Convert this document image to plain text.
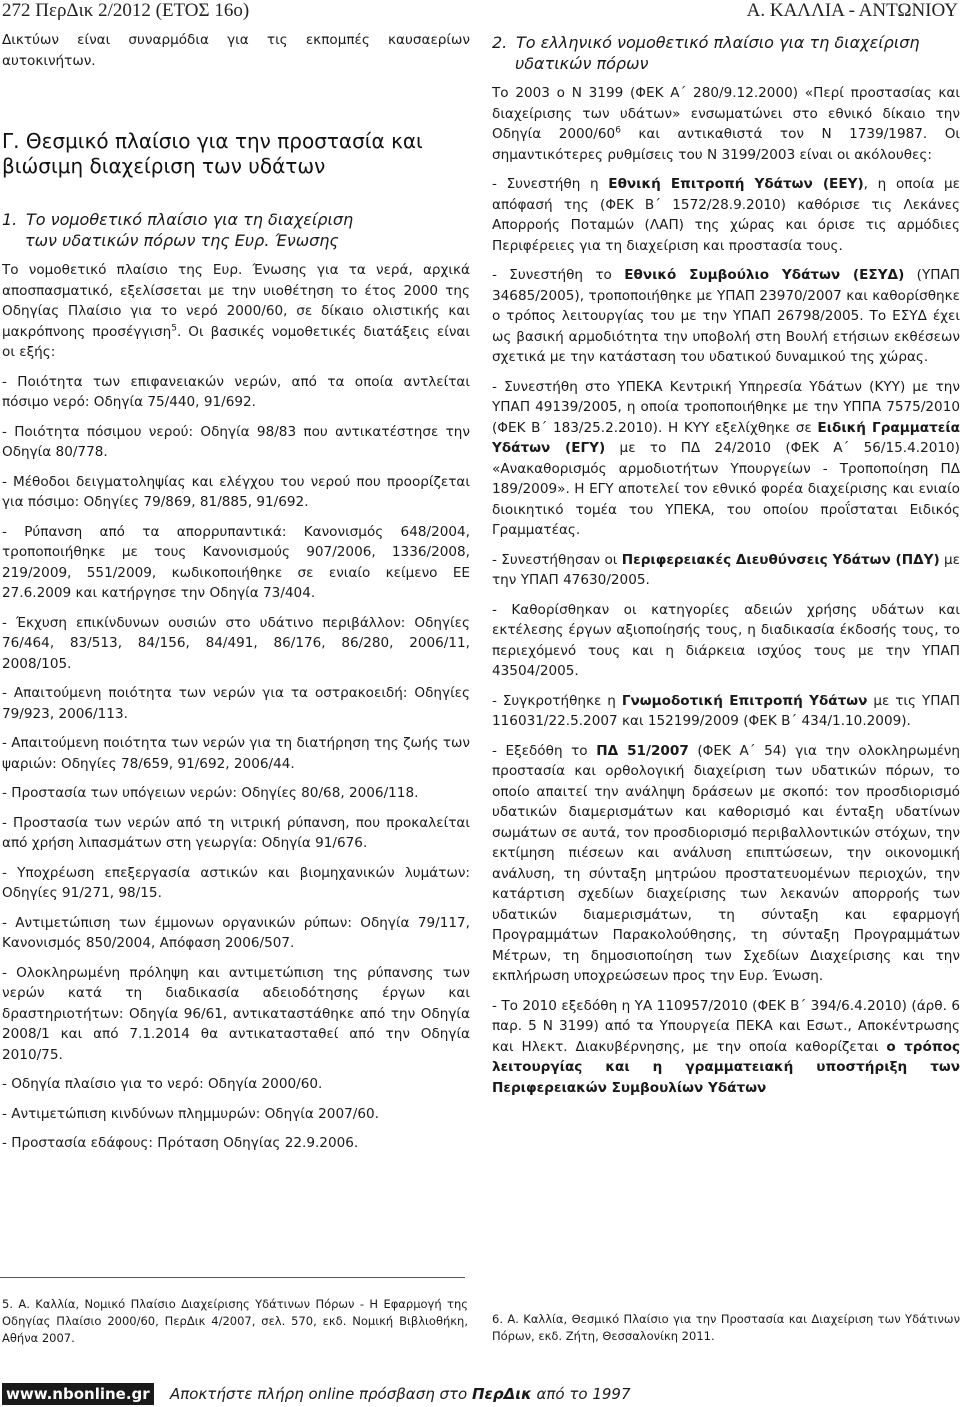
272 ΠερΔικ 2/2012 (ΕΤΟΣ 16ο)	Α. ΚΑΛΛΙΑ - ΑΝΤΩΝΙΟΥ

Δικτύων είναι συναρμόδια για τις εκπομπές καυσαερίων αυτοκινήτων.

Γ. Θεσμικό πλαίσιο για την προστασία και βιώσιμη διαχείριση των υδάτων
1. Το νομοθετικό πλαίσιο για τη διαχείριση
των υδατικών πόρων της Ευρ. Ένωσης

Το νομοθετικό πλαίσιο της Ευρ. Ένωσης για τα νερά, αρχικά αποσπασματικό, εξελίσσεται με την υιοθέτηση το έτος 2000 της Οδηγίας Πλαίσιο για το νερό 2000/60, σε δίκαιο ολιστικής και μακρόπνοης προσέγγιση$^5$. Οι βασικές νομοθετικές διατάξεις είναι οι εξής:

- Ποιότητα των επιφανειακών νερών, από τα οποία αντλείται πόσιμο νερό: Οδηγία 75/440, 91/692.

- Ποιότητα πόσιμου νερού: Οδηγία 98/83 που αντικατέστησε την Οδηγία 80/778.

- Μέθοδοι δειγματοληψίας και ελέγχου του νερού που προορίζεται για πόσιμο: Οδηγίες 79/869, 81/885, 91/692.

- Ρύπανση από τα απορρυπαντικά: Κανονισμός 648/2004, τροποποιήθηκε με τους Κανονισμούς 907/2006, 1336/2008, 219/2009, 551/2009, κωδικοποιήθηκε σε ενιαίο κείμενο ΕΕ 27.6.2009 και κατήργησε την Οδηγία 73/404.

- Έκχυση επικίνδυνων ουσιών στο υδάτινο περιβάλλον: Οδηγίες 76/464, 83/513, 84/156, 84/491, 86/176, 86/280, 2006/11, 2008/105.

- Απαιτούμενη ποιότητα των νερών για τα οστρακοειδή: Οδηγίες 79/923, 2006/113.

- Απαιτούμενη ποιότητα των νερών για τη διατήρηση της ζωής των ψαριών: Οδηγίες 78/659, 91/692, 2006/44.

- Προστασία των υπόγειων νερών: Οδηγίες 80/68, 2006/118.

- Προστασία των νερών από τη νιτρική ρύπανση, που προκαλείται από χρήση λιπασμάτων στη γεωργία: Οδηγία 91/676.

- Υποχρέωση επεξεργασία αστικών και βιομηχανικών λυμάτων: Οδηγίες 91/271, 98/15.

- Αντιμετώπιση των έμμονων οργανικών ρύπων: Οδηγία 79/117, Κανονισμός 850/2004, Απόφαση 2006/507.

- Ολοκληρωμένη πρόληψη και αντιμετώπιση της ρύπανσης των νερών κατά τη διαδικασία αδειοδότησης έργων και δραστηριοτήτων: Οδηγία 96/61, αντικαταστάθηκε από την Οδηγία 2008/1 και από 7.1.2014 θα αντικατασταθεί από την Οδηγία 2010/75.

- Οδηγία πλαίσιο για το νερό: Οδηγία 2000/60.

- Αντιμετώπιση κινδύνων πλημμυρών: Οδηγία 2007/60.

- Προστασία εδάφους: Πρόταση Οδηγίας 22.9.2006.

2. Το ελληνικό νομοθετικό πλαίσιο για τη διαχείριση
υδατικών πόρων

Το 2003 ο Ν 3199 (ΦΕΚ Α΄ 280/9.12.2000) «Περί προστασίας και διαχείρισης των υδάτων» ενσωματώνει στο εθνικό δίκαιο την Οδηγία $2000/60^6$ και αντικαθιστά τον Ν 1739/1987. Οι σημαντικότερες ρυθμίσεις του Ν 3199/2003 είναι οι ακόλουθες:

- Συνεστήθη η Εθνική Επιτροπή Υδάτων (ΕΕΥ), η οποία με απόφασή της (ΦΕΚ Β΄ 1572/28.9.2010) καθόρισε τις Λεκάνες Απορροής Ποταμών (ΛΑΠ) της χώρας και όρισε τις αρμόδιες Περιφέρειες για τη διαχείριση και προστασία τους.

- Συνεστήθη το Εθνικό Συμβούλιο Υδάτων (ΕΣΥΔ) (ΥΠΑΠ 34685/2005), τροποποιήθηκε με ΥΠΑΠ 23970/2007 και καθορίσθηκε ο τρόπος λειτουργίας του με την ΥΠΑΠ 26798/2005. Το ΕΣΥΔ έχει ως βασική αρμοδιότητα την υποβολή στη Βουλή ετήσιων εκθέσεων σχετικά με την κατάσταση του υδατικού δυναμικού της χώρας.

- Συνεστήθη στο ΥΠΕΚΑ Κεντρική Υπηρεσία Υδάτων (ΚΥΥ) με την ΥΠΑΠ 49139/2005, η οποία τροποποιήθηκε με την ΥΠΠΑ 7575/2010 (ΦΕΚ Β΄ 183/25.2.2010). Η ΚΥΥ εξελίχθηκε σε Ειδική Γραμματεία Υδάτων (ΕΓΥ) με το ΠΔ 24/2010 (ΦΕΚ Α΄ 56/15.4.2010) «Ανακαθορισμός αρμοδιοτήτων Υπουργείων - Τροποποίηση ΠΔ 189/2009». Η ΕΓΥ αποτελεί τον εθνικό φορέα διαχείρισης και ενιαίο διοικητικό τομέα του ΥΠΕΚΑ, του οποίου προΐσταται Ειδικός Γραμματέας.

- Συνεστήθησαν οι Περιφερειακές Διευθύνσεις Υδάτων (ΠΔΥ) με την ΥΠΑΠ 47630/2005.

- Καθορίσθηκαν οι κατηγορίες αδειών χρήσης υδάτων και εκτέλεσης έργων αξιοποίησής τους, η διαδικασία έκδοσής τους, το περιεχόμενό τους και η διάρκεια ισχύος τους με την ΥΠΑΠ 43504/2005.

- Συγκροτήθηκε η Γνωμοδοτική Επιτροπή Υδάτων με τις ΥΠΑΠ 116031/22.5.2007 και 152199/2009 (ΦΕΚ Β΄ 434/1.10.2009).

- Εξεδόθη το ΠΔ 51/2007 (ΦΕΚ Α΄ 54) για την ολοκληρωμένη προστασία και ορθολογική διαχείριση των υδατικών πόρων, το οποίο απαιτεί την ανάληψη δράσεων με σκοπό: τον προσδιορισμό υδατικών διαμερισμάτων και καθορισμό και ένταξη υδατίνων σωμάτων σε αυτά, τον προσδιορισμό περιβαλλοντικών στόχων, την εκτίμηση πιέσεων και ανάλυση επιπτώσεων, την οικονομική ανάλυση, τη σύνταξη μητρώου προστατευομένων περιοχών, την κατάρτιση σχεδίων διαχείρισης των λεκανών απορροής των υδατικών διαμερισμάτων, τη σύνταξη και εφαρμογή Προγραμμάτων Παρακολούθησης, τη σύνταξη Προγραμμάτων Μέτρων, τη δημοσιοποίηση των Σχεδίων Διαχείρισης και την εκπλήρωση υποχρεώσεων προς την Ευρ. Ένωση.

- Το 2010 εξεδόθη η ΥΑ 110957/2010 (ΦΕΚ Β΄ 394/6.4.2010) (άρθ. 6 παρ. 5 Ν 3199) από τα Υπουργεία ΠΕΚΑ και Εσωτ., Αποκέντρωσης και Ηλεκτ. Διακυβέρνησης, με την οποία καθορίζεται ο τρόπος λειτουργίας και η γραμματειακή υποστήριξη των Περιφερειακών Συμβουλίων Υδάτων

5. Α. Καλλία, Νομικό Πλαίσιο Διαχείρισης Υδάτινων Πόρων - Η Εφαρμογή της Οδηγίας Πλαίσιο 2000/60, ΠερΔικ 4/2007, σελ. 570, εκδ. Νομική Βιβλιοθήκη, Αθήνα 2007.
6. Α. Καλλία, Θεσμικό Πλαίσιο για την Προστασία και Διαχείριση των Υδάτινων Πόρων, εκδ. Ζήτη, Θεσσαλονίκη 2011.
www.nbonline.gr Αποκτήστε πλήρη online πρόσβαση στο ΠερΔικ από το 1997
